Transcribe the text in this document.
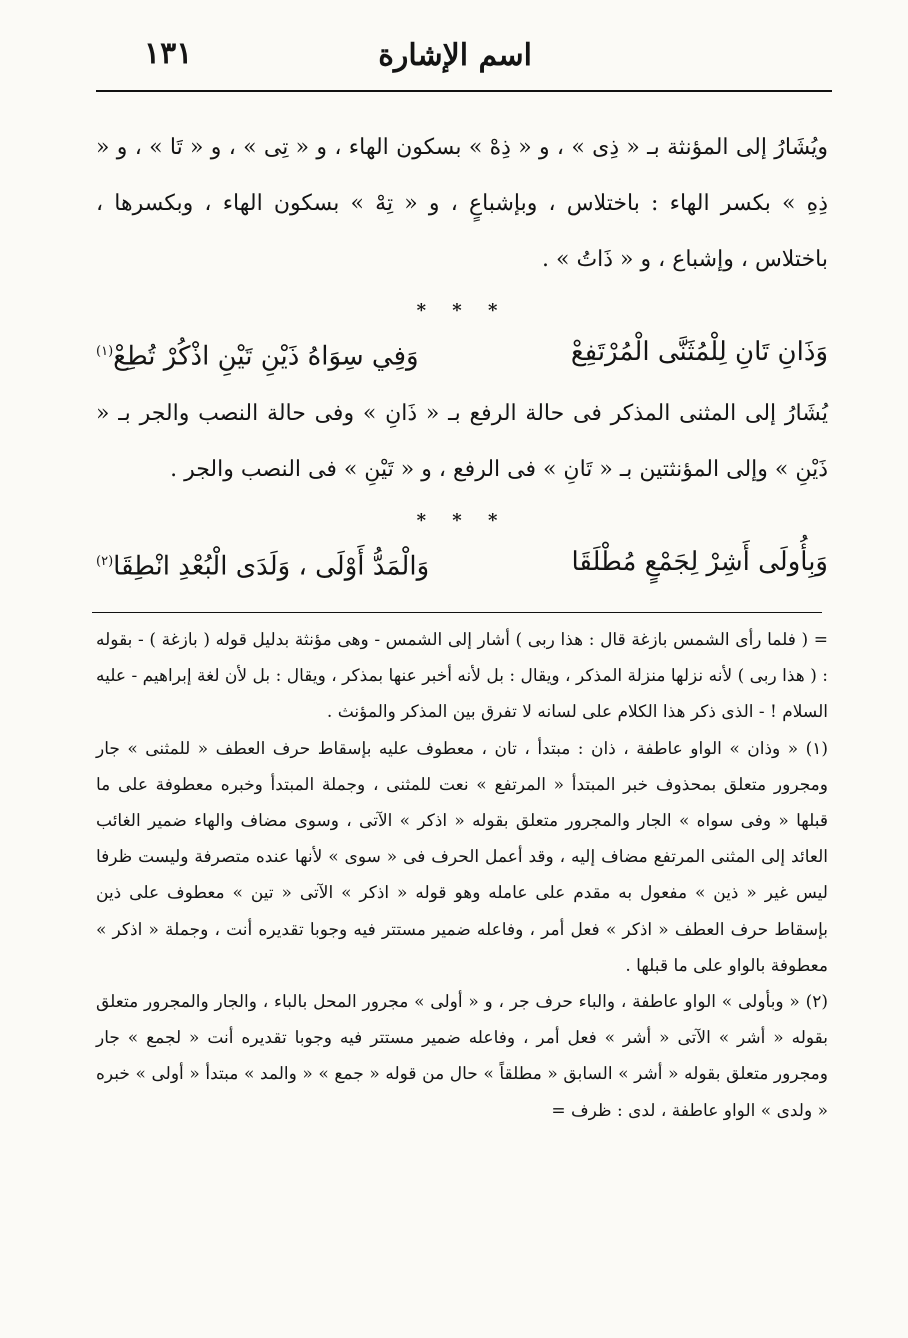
اسم الإشارة
١٣١

ويُشَارُ إلى المؤنثة بـ « ذِى » ، و « ذِهْ » بسكون الهاء ، و « تِى » ، و « تَا » ، و « ذِهِ » بكسر الهاء : باختلاس ، وبإشباعٍ ، و « تِهْ » بسكون الهاء ، وبكسرها ، باختلاس ، وإشباع ، و « ذَاتُ » .

* * *
وَذَانِ تَانِ لِلْمُثَنَّى الْمُرْتَفِعْ
وَفِي سِوَاهُ ذَيْنِ تَيْنِ اذْكُرْ تُطِعْ$^{(١)}$

يُشَارُ إلى المثنى المذكر فى حالة الرفع بـ « ذَانِ » وفى حالة النصب والجر بـ « ذَيْنِ » وإلى المؤنثتين بـ « تَانِ » فى الرفع ، و « تَيْنِ » فى النصب والجر .

* * *
وَبِأُولَى أَشِرْ لِجَمْعٍ مُطْلَقَا
وَالْمَدُّ أَوْلَى ، وَلَدَى الْبُعْدِ انْطِقَا$^{(٢)}$

= ( فلما رأى الشمس بازغة قال : هذا ربى ) أشار إلى الشمس - وهى مؤنثة بدليل قوله ( بازغة ) - بقوله : ( هذا ربى ) لأنه نزلها منزلة المذكر ، ويقال : بل لأنه أخبر عنها بمذكر ، ويقال : بل لأن لغة إبراهيم - عليه السلام ! - الذى ذكر هذا الكلام على لسانه لا تفرق بين المذكر والمؤنث .

(١) « وذان » الواو عاطفة ، ذان : مبتدأ ، تان ، معطوف عليه بإسقاط حرف العطف « للمثنى » جار ومجرور متعلق بمحذوف خبر المبتدأ « المرتفع » نعت للمثنى ، وجملة المبتدأ وخبره معطوفة على ما قبلها « وفى سواه » الجار والمجرور متعلق بقوله « اذكر » الآتى ، وسوى مضاف والهاء ضمير الغائب العائد إلى المثنى المرتفع مضاف إليه ، وقد أعمل الحرف فى « سوى » لأنها عنده متصرفة وليست ظرفا ليس غير « ذين » مفعول به مقدم على عامله وهو قوله « اذكر » الآتى « تين » معطوف على ذين بإسقاط حرف العطف « اذكر » فعل أمر ، وفاعله ضمير مستتر فيه وجوبا تقديره أنت ، وجملة « اذكر » معطوفة بالواو على ما قبلها .

(٢) « وبأولى » الواو عاطفة ، والباء حرف جر ، و « أولى » مجرور المحل بالباء ، والجار والمجرور متعلق بقوله « أشر » الآتى « أشر » فعل أمر ، وفاعله ضمير مستتر فيه وجوبا تقديره أنت « لجمع » جار ومجرور متعلق بقوله « أشر » السابق « مطلقاً » حال من قوله « جمع » « والمد » مبتدأ « أولى » خبره « ولدى » الواو عاطفة ، لدى : ظرف =
